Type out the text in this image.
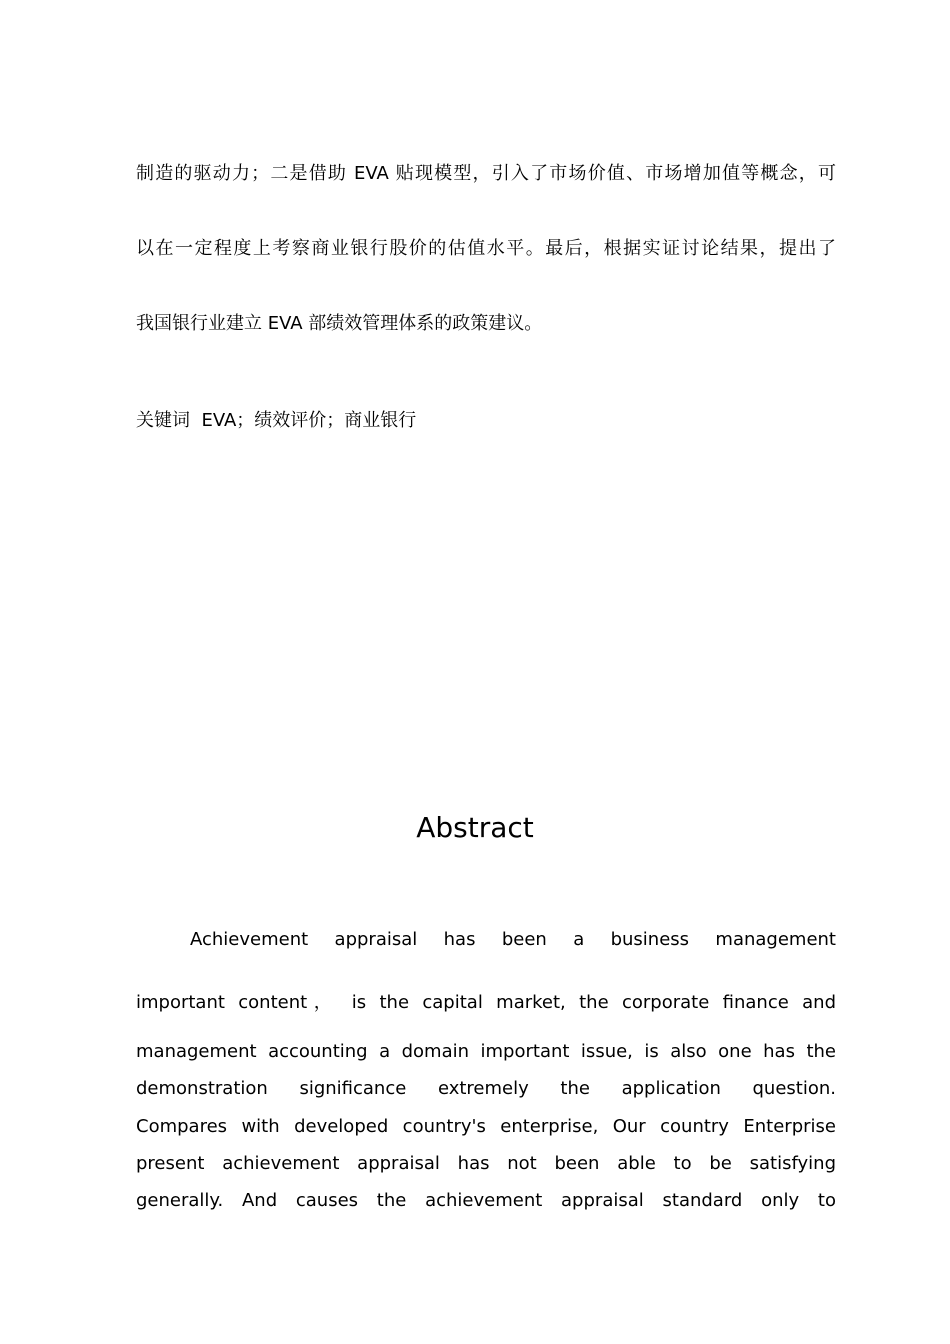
制造的驱动力；二是借助 EVA 贴现模型，引入了市场价值、市场增加值等概念，可
以在一定程度上考察商业银行股价的估值水平。最后，根据实证讨论结果，提出了
我国银行业建立 EVA 部绩效管理体系的政策建议。
关键词  EVA；绩效评价；商业银行
Abstract
Achievement appraisal has been a business management
important content， is the capital market, the corporate finance and
management accounting a domain important issue, is also one has the
demonstration significance extremely the application question.
Compares with developed country's enterprise, Our country Enterprise
present achievement appraisal has not been able to be satisfying
generally. And causes the achievement appraisal standard only to
